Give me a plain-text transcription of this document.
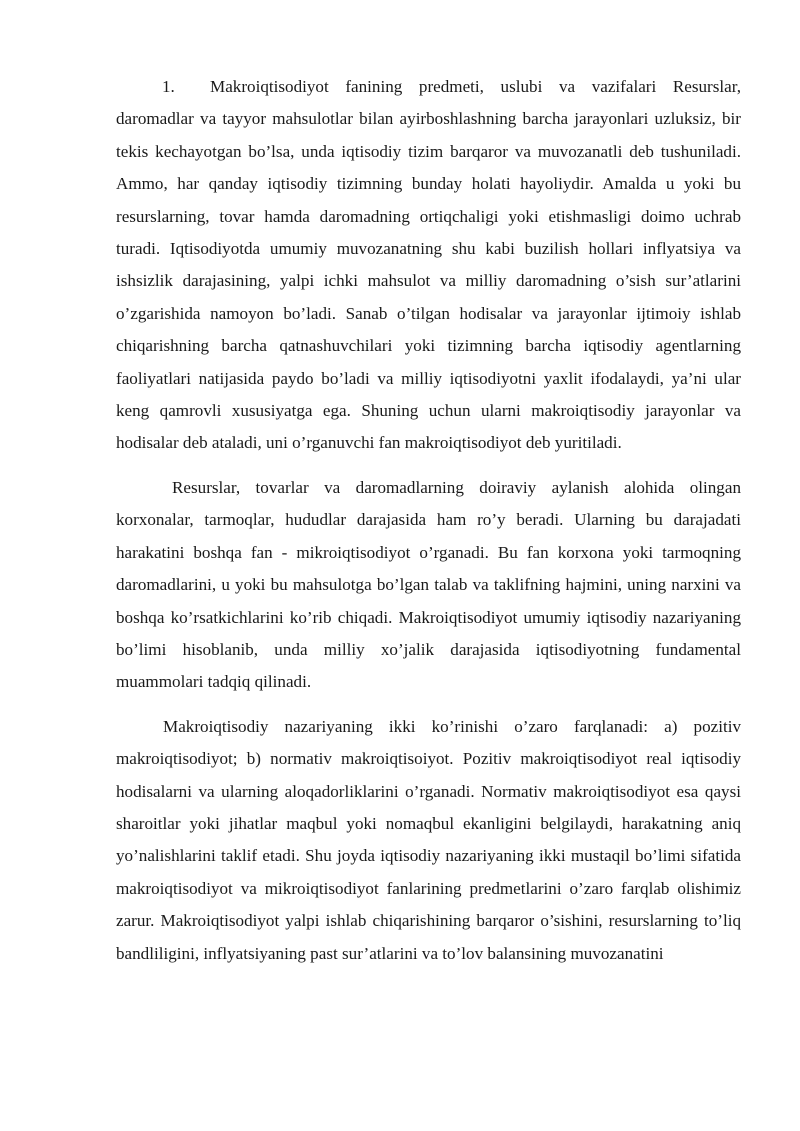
1. Makroiqtisodiyot fanining predmeti, uslubi va vazifalari Resurslar, daromadlar va tayyor mahsulotlar bilan ayirboshlashning barcha jarayonlari uzluksiz, bir tekis kechayotgan bo’lsa, unda iqtisodiy tizim barqaror va muvozanatli deb tushuniladi. Ammo, har qanday iqtisodiy tizimning bunday holati hayoliydir. Amalda u yoki bu resurslarning, tovar hamda daromadning ortiqchaligi yoki etishmasligi doimo uchrab turadi. Iqtisodiyotda umumiy muvozanatning shu kabi buzilish hollari inflyatsiya va ishsizlik darajasining, yalpi ichki mahsulot va milliy daromadning o’sish sur’atlarini o’zgarishida namoyon bo’ladi. Sanab o’tilgan hodisalar va jarayonlar ijtimoiy ishlab chiqarishning barcha qatnashuvchilari yoki tizimning barcha iqtisodiy agentlarning faoliyatlari natijasida paydo bo’ladi va milliy iqtisodiyotni yaxlit ifodalaydi, ya’ni ular keng qamrovli xususiyatga ega. Shuning uchun ularni makroiqtisodiy jarayonlar va hodisalar deb ataladi, uni o’rganuvchi fan makroiqtisodiyot deb yuritiladi.

Resurslar, tovarlar va daromadlarning doiraviy aylanish alohida olingan korxonalar, tarmoqlar, hududlar darajasida ham ro’y beradi. Ularning bu darajadati harakatini boshqa fan - mikroiqtisodiyot o’rganadi. Bu fan korxona yoki tarmoqning daromadlarini, u yoki bu mahsulotga bo’lgan talab va taklifning hajmini, uning narxini va boshqa ko’rsatkichlarini ko’rib chiqadi. Makroiqtisodiyot umumiy iqtisodiy nazariyaning bo’limi hisoblanib, unda milliy xo’jalik darajasida iqtisodiyotning fundamental muammolari tadqiq qilinadi.

Makroiqtisodiy nazariyaning ikki ko’rinishi o’zaro farqlanadi: a) pozitiv makroiqtisodiyot; b) normativ makroiqtisoiyot. Pozitiv makroiqtisodiyot real iqtisodiy hodisalarni va ularning aloqadorliklarini o’rganadi. Normativ makroiqtisodiyot esa qaysi sharoitlar yoki jihatlar maqbul yoki nomaqbul ekanligini belgilaydi, harakatning aniq yo’nalishlarini taklif etadi. Shu joyda iqtisodiy nazariyaning ikki mustaqil bo’limi sifatida makroiqtisodiyot va mikroiqtisodiyot fanlarining predmetlarini o’zaro farqlab olishimiz zarur. Makroiqtisodiyot yalpi ishlab chiqarishining barqaror o’sishini, resurslarning to’liq bandliligini, inflyatsiyaning past sur’atlarini va to’lov balansining muvozanatini
